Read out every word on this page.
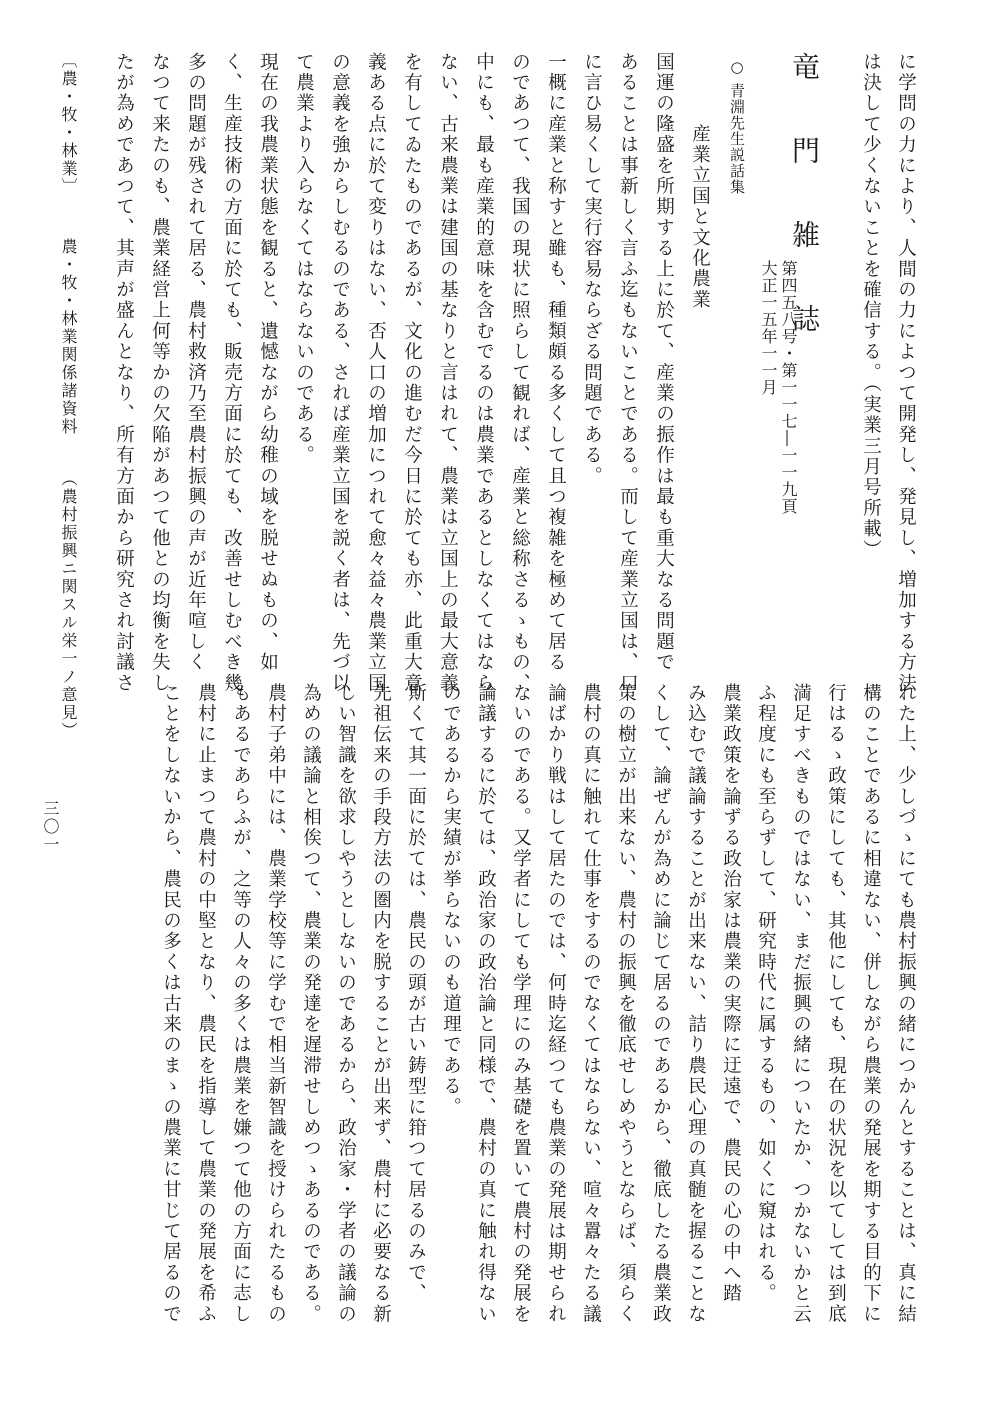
に学問の力により、人間の力によつて開発し、発見し、増加する方法
は決して少くないことを確信する。（実業三月号所載）
竜　門　雑　誌
第四五八号・第一一七―一一九頁
大正一五年一一月
○ 青淵先生説話集
産業立国と文化農業
国運の隆盛を所期する上に於て、産業の振作は最も重大なる問題で
あることは事新しく言ふ迄もないことである。而して産業立国は、口
に言ひ易くして実行容易ならざる問題である。
一概に産業と称すと雖も、種類頗る多くして且つ複雑を極めて居る
のであつて、我国の現状に照らして観れば、産業と総称さるゝもの、
中にも、最も産業的意味を含むでるのは農業であるとしなくてはなら
ない、古来農業は建国の基なりと言はれて、農業は立国上の最大意義
を有してゐたものであるが、文化の進むだ今日に於ても亦、此重大意
義ある点に於て変りはない、否人口の増加につれて愈々益々農業立国
の意義を強からしむるのである、されば産業立国を説く者は、先づ以
て農業より入らなくてはならないのである。
現在の我農業状態を観ると、遺憾ながら幼稚の域を脱せぬもの、如
く、生産技術の方面に於ても、販売方面に於ても、改善せしむべき幾
多の問題が残されて居る、農村救済乃至農村振興の声が近年喧しく
なつて来たのも、農業経営上何等かの欠陥があつて他との均衡を失し
たが為めであつて、其声が盛んとなり、所有方面から研究され討議さ
れた上、少しづゝにても農村振興の緒につかんとすることは、真に結
構のことであるに相違ない、併しながら農業の発展を期する目的下に
行はるゝ政策にしても、其他にしても、現在の状況を以てしては到底
満足すべきものではない、まだ振興の緒についたか、つかないかと云
ふ程度にも至らずして、研究時代に属するもの、如くに窺はれる。
農業政策を論ずる政治家は農業の実際に迂遠で、農民の心の中へ踏
み込むで議論することが出来ない、詰り農民心理の真髄を握ることな
くして、論ぜんが為めに論じて居るのであるから、徹底したる農業政
策の樹立が出来ない、農村の振興を徹底せしめやうとならば、須らく
農村の真に触れて仕事をするのでなくてはならない、喧々囂々たる議
論ばかり戦はして居たのでは、何時迄経つても農業の発展は期せられ
ないのである。又学者にしても学理にのみ基礎を置いて農村の発展を
論議するに於ては、政治家の政治論と同様で、農村の真に触れ得ない
のであるから実績が挙らないのも道理である。
斯くて其一面に於ては、農民の頭が古い鋳型に箝つて居るのみで、
先祖伝来の手段方法の圏内を脱することが出来ず、農村に必要なる新
しい智識を欲求しやうとしないのであるから、政治家・学者の議論の
為めの議論と相俟つて、農業の発達を遅滞せしめつゝあるのである。
農村子弟中には、農業学校等に学むで相当新智識を授けられたるもの
もあるであらふが、之等の人々の多くは農業を嫌つて他の方面に志し
農村に止まつて農村の中堅となり、農民を指導して農業の発展を希ふ
ことをしないから、農民の多くは古来のまゝの農業に甘じて居るので
三〇一
〔農・牧・林業〕
農・牧・林業関係諸資料
（農村振興ニ関スル栄一ノ意見）
